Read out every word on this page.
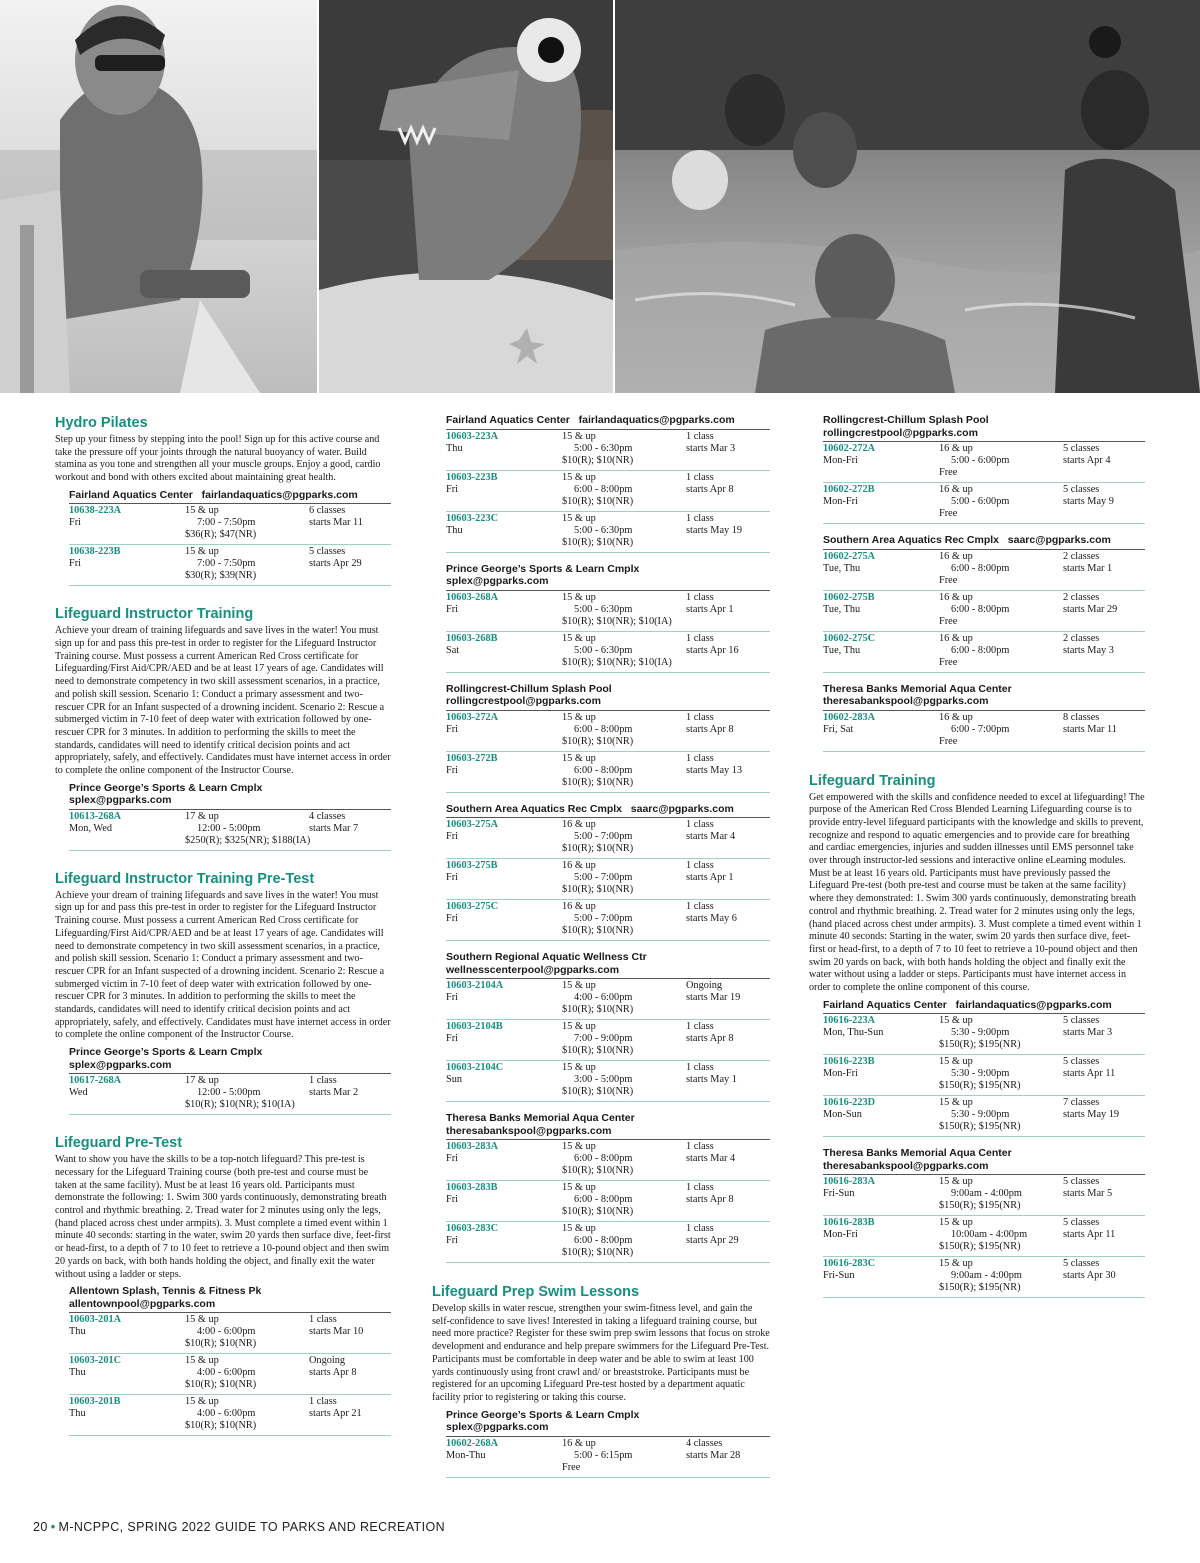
Hydro Pilates

Step up your fitness by stepping into the pool! Sign up for this active course and take the pressure off your joints through the natural buoyancy of water. Build stamina as you tone and strengthen all your muscle groups. Enjoy a good, cardio workout and bond with others excited about maintaining great health.

Fairland Aquatics Center fairlandaquatics@pgparks.com
10638-223A
Fri
15 & up
7:00 - 7:50pm
$36(R); $47(NR)
6 classes
starts Mar 11
10638-223B
Fri
15 & up
7:00 - 7:50pm
$30(R); $39(NR)
5 classes
starts Apr 29
Lifeguard Instructor Training

Achieve your dream of training lifeguards and save lives in the water! You must sign up for and pass this pre-test in order to register for the Lifeguard Instructor Training course. Must possess a current American Red Cross certificate for Lifeguarding/First Aid/CPR/AED and be at least 17 years of age. Candidates will need to demonstrate competency in two skill assessment scenarios, in a practice, and polish skill session. Scenario 1: Conduct a primary assessment and two-rescuer CPR for an Infant suspected of a drowning incident. Scenario 2: Rescue a submerged victim in 7-10 feet of deep water with extrication followed by one-rescuer CPR for 3 minutes. In addition to performing the skills to meet the standards, candidates will need to identify critical decision points and act appropriately, safely, and effectively. Candidates must have internet access in order to complete the online component of the Instructor Course.

Prince George’s Sports & Learn Cmplx
splex@pgparks.com
10613-268A
Mon, Wed
17 & up
12:00 - 5:00pm
$250(R); $325(NR); $188(IA)
4 classes
starts Mar 7
Lifeguard Instructor Training Pre-Test

Achieve your dream of training lifeguards and save lives in the water! You must sign up for and pass this pre-test in order to register for the Lifeguard Instructor Training course. Must possess a current American Red Cross certificate for Lifeguarding/First Aid/CPR/AED and be at least 17 years of age. Candidates will need to demonstrate competency in two skill assessment scenarios, in a practice, and polish skill session. Scenario 1: Conduct a primary assessment and two-rescuer CPR for an Infant suspected of a drowning incident. Scenario 2: Rescue a submerged victim in 7-10 feet of deep water with extrication followed by one-rescuer CPR for 3 minutes. In addition to performing the skills to meet the standards, candidates will need to identify critical decision points and act appropriately, safely, and effectively. Candidates must have internet access in order to complete the online component of the Instructor Course.

Prince George’s Sports & Learn Cmplx
splex@pgparks.com
10617-268A
Wed
17 & up
12:00 - 5:00pm
$10(R); $10(NR); $10(IA)
1 class
starts Mar 2
Lifeguard Pre-Test

Want to show you have the skills to be a top-notch lifeguard? This pre-test is necessary for the Lifeguard Training course (both pre-test and course must be taken at the same facility). Must be at least 16 years old. Participants must demonstrate the following: 1. Swim 300 yards continuously, demonstrating breath control and rhythmic breathing. 2. Tread water for 2 minutes using only the legs, (hand placed across chest under armpits). 3. Must complete a timed event within 1 minute 40 seconds: starting in the water, swim 20 yards then surface dive, feet-first or head-first, to a depth of 7 to 10 feet to retrieve a 10-pound object and then swim 20 yards on back, with both hands holding the object, and finally exit the water without using a ladder or steps.

Allentown Splash, Tennis & Fitness Pk
allentownpool@pgparks.com
10603-201A
Thu
15 & up
4:00 - 6:00pm
$10(R); $10(NR)
1 class
starts Mar 10
10603-201C
Thu
15 & up
4:00 - 6:00pm
$10(R); $10(NR)
Ongoing
starts Apr 8
10603-201B
Thu
15 & up
4:00 - 6:00pm
$10(R); $10(NR)
1 class
starts Apr 21
Fairland Aquatics Center fairlandaquatics@pgparks.com
10603-223A
Thu
15 & up
5:00 - 6:30pm
$10(R); $10(NR)
1 class
starts Mar 3
10603-223B
Fri
15 & up
6:00 - 8:00pm
$10(R); $10(NR)
1 class
starts Apr 8
10603-223C
Thu
15 & up
5:00 - 6:30pm
$10(R); $10(NR)
1 class
starts May 19
Prince George’s Sports & Learn Cmplx
splex@pgparks.com
10603-268A
Fri
15 & up
5:00 - 6:30pm
$10(R); $10(NR); $10(IA)
1 class
starts Apr 1
10603-268B
Sat
15 & up
5:00 - 6:30pm
$10(R); $10(NR); $10(IA)
1 class
starts Apr 16
Rollingcrest-Chillum Splash Pool
rollingcrestpool@pgparks.com
10603-272A
Fri
15 & up
6:00 - 8:00pm
$10(R); $10(NR)
1 class
starts Apr 8
10603-272B
Fri
15 & up
6:00 - 8:00pm
$10(R); $10(NR)
1 class
starts May 13
Southern Area Aquatics Rec Cmplx saarc@pgparks.com
10603-275A
Fri
16 & up
5:00 - 7:00pm
$10(R); $10(NR)
1 class
starts Mar 4
10603-275B
Fri
16 & up
5:00 - 7:00pm
$10(R); $10(NR)
1 class
starts Apr 1
10603-275C
Fri
16 & up
5:00 - 7:00pm
$10(R); $10(NR)
1 class
starts May 6
Southern Regional Aquatic Wellness Ctr
wellnesscenterpool@pgparks.com
10603-2104A
Fri
15 & up
4:00 - 6:00pm
$10(R); $10(NR)
Ongoing
starts Mar 19
10603-2104B
Fri
15 & up
7:00 - 9:00pm
$10(R); $10(NR)
1 class
starts Apr 8
10603-2104C
Sun
15 & up
3:00 - 5:00pm
$10(R); $10(NR)
1 class
starts May 1
Theresa Banks Memorial Aqua Center
theresabankspool@pgparks.com
10603-283A
Fri
15 & up
6:00 - 8:00pm
$10(R); $10(NR)
1 class
starts Mar 4
10603-283B
Fri
15 & up
6:00 - 8:00pm
$10(R); $10(NR)
1 class
starts Apr 8
10603-283C
Fri
15 & up
6:00 - 8:00pm
$10(R); $10(NR)
1 class
starts Apr 29
Lifeguard Prep Swim Lessons

Develop skills in water rescue, strengthen your swim-fitness level, and gain the self-confidence to save lives! Interested in taking a lifeguard training course, but need more practice? Register for these swim prep swim lessons that focus on stroke development and endurance and help prepare swimmers for the Lifeguard Pre-Test. Participants must be comfortable in deep water and be able to swim at least 100 yards continuously using front crawl and/ or breaststroke. Participants must be registered for an upcoming Lifeguard Pre-test hosted by a department aquatic facility prior to registering or taking this course.

Prince George’s Sports & Learn Cmplx
splex@pgparks.com
10602-268A
Mon-Thu
16 & up
5:00 - 6:15pm
Free
4 classes
starts Mar 28
Rollingcrest-Chillum Splash Pool
rollingcrestpool@pgparks.com
10602-272A
Mon-Fri
16 & up
5:00 - 6:00pm
Free
5 classes
starts Apr 4
10602-272B
Mon-Fri
16 & up
5:00 - 6:00pm
Free
5 classes
starts May 9
Southern Area Aquatics Rec Cmplx saarc@pgparks.com
10602-275A
Tue, Thu
16 & up
6:00 - 8:00pm
Free
2 classes
starts Mar 1
10602-275B
Tue, Thu
16 & up
6:00 - 8:00pm
Free
2 classes
starts Mar 29
10602-275C
Tue, Thu
16 & up
6:00 - 8:00pm
Free
2 classes
starts May 3
Theresa Banks Memorial Aqua Center
theresabankspool@pgparks.com
10602-283A
Fri, Sat
16 & up
6:00 - 7:00pm
Free
8 classes
starts Mar 11
Lifeguard Training

Get empowered with the skills and confidence needed to excel at lifeguarding! The purpose of the American Red Cross Blended Learning Lifeguarding course is to provide entry-level lifeguard participants with the knowledge and skills to prevent, recognize and respond to aquatic emergencies and to provide care for breathing and cardiac emergencies, injuries and sudden illnesses until EMS personnel take over through instructor-led sessions and interactive online eLearning modules. Must be at least 16 years old. Participants must have previously passed the Lifeguard Pre-test (both pre-test and course must be taken at the same facility) where they demonstrated: 1. Swim 300 yards continuously, demonstrating breath control and rhythmic breathing. 2. Tread water for 2 minutes using only the legs, (hand placed across chest under armpits). 3. Must complete a timed event within 1 minute 40 seconds: Starting in the water, swim 20 yards then surface dive, feet-first or head-first, to a depth of 7 to 10 feet to retrieve a 10-pound object and then swim 20 yards on back, with both hands holding the object and finally exit the water without using a ladder or steps. Participants must have internet access in order to complete the online component of this course.

Fairland Aquatics Center fairlandaquatics@pgparks.com
10616-223A
Mon, Thu-Sun
15 & up
5:30 - 9:00pm
$150(R); $195(NR)
5 classes
starts Mar 3
10616-223B
Mon-Fri
15 & up
5:30 - 9:00pm
$150(R); $195(NR)
5 classes
starts Apr 11
10616-223D
Mon-Sun
15 & up
5:30 - 9:00pm
$150(R); $195(NR)
7 classes
starts May 19
Theresa Banks Memorial Aqua Center
theresabankspool@pgparks.com
10616-283A
Fri-Sun
15 & up
9:00am - 4:00pm
$150(R); $195(NR)
5 classes
starts Mar 5
10616-283B
Mon-Fri
15 & up
10:00am - 4:00pm
$150(R); $195(NR)
5 classes
starts Apr 11
10616-283C
Fri-Sun
15 & up
9:00am - 4:00pm
$150(R); $195(NR)
5 classes
starts Apr 30
20 • M-NCPPC, SPRING 2022 GUIDE TO PARKS AND RECREATION
